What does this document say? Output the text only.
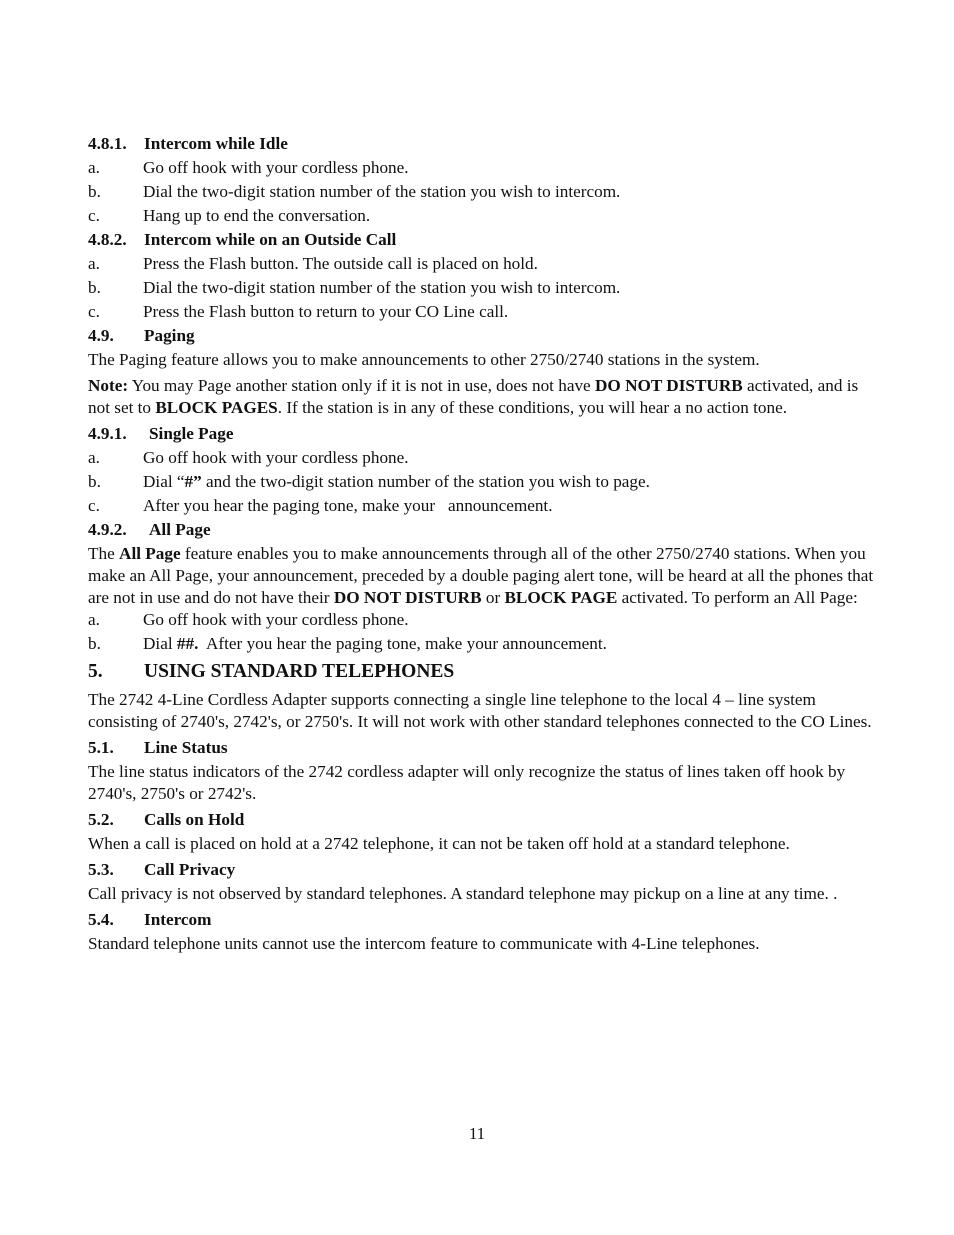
4.8.1.	Intercom while Idle
a.	Go off hook with your cordless phone.
b.	Dial the two-digit station number of the station you wish to intercom.
c.	Hang up to end the conversation.
4.8.2.	Intercom while on an Outside Call
a.	Press the Flash button. The outside call is placed on hold.
b.	Dial the two-digit station number of the station you wish to intercom.
c.	Press the Flash button to return to your CO Line call.
4.9.	Paging

The Paging feature allows you to make announcements to other 2750/2740 stations in the system.

Note: You may Page another station only if it is not in use, does not have DO NOT DISTURB activated, and is not set to BLOCK PAGES. If the station is in any of these conditions, you will hear a no action tone.

4.9.1.	Single Page
a.	Go off hook with your cordless phone.
b.	Dial “#” and the two-digit station number of the station you wish to page.
c.	After you hear the paging tone, make your   announcement.
4.9.2.	All Page

The All Page feature enables you to make announcements through all of the other 2750/2740 stations. When you make an All Page, your announcement, preceded by a double paging alert tone, will be heard at all the phones that are not in use and do not have their DO NOT DISTURB or BLOCK PAGE activated. To perform an All Page:

a.	Go off hook with your cordless phone.
b.	Dial ##.  After you hear the paging tone, make your announcement.
5.	USING STANDARD TELEPHONES

The 2742 4-Line Cordless Adapter supports connecting a single line telephone to the local 4 – line system consisting of 2740's, 2742's, or 2750's. It will not work with other standard telephones connected to the CO Lines.

5.1.	Line Status

The line status indicators of the 2742 cordless adapter will only recognize the status of lines taken off hook by 2740's, 2750's or 2742's.

5.2.	Calls on Hold

When a call is placed on hold at a 2742 telephone, it can not be taken off hold at a standard telephone.

5.3.	Call Privacy

Call privacy is not observed by standard telephones. A standard telephone may pickup on a line at any time. .

5.4.	Intercom

Standard telephone units cannot use the intercom feature to communicate with 4-Line telephones.

11
